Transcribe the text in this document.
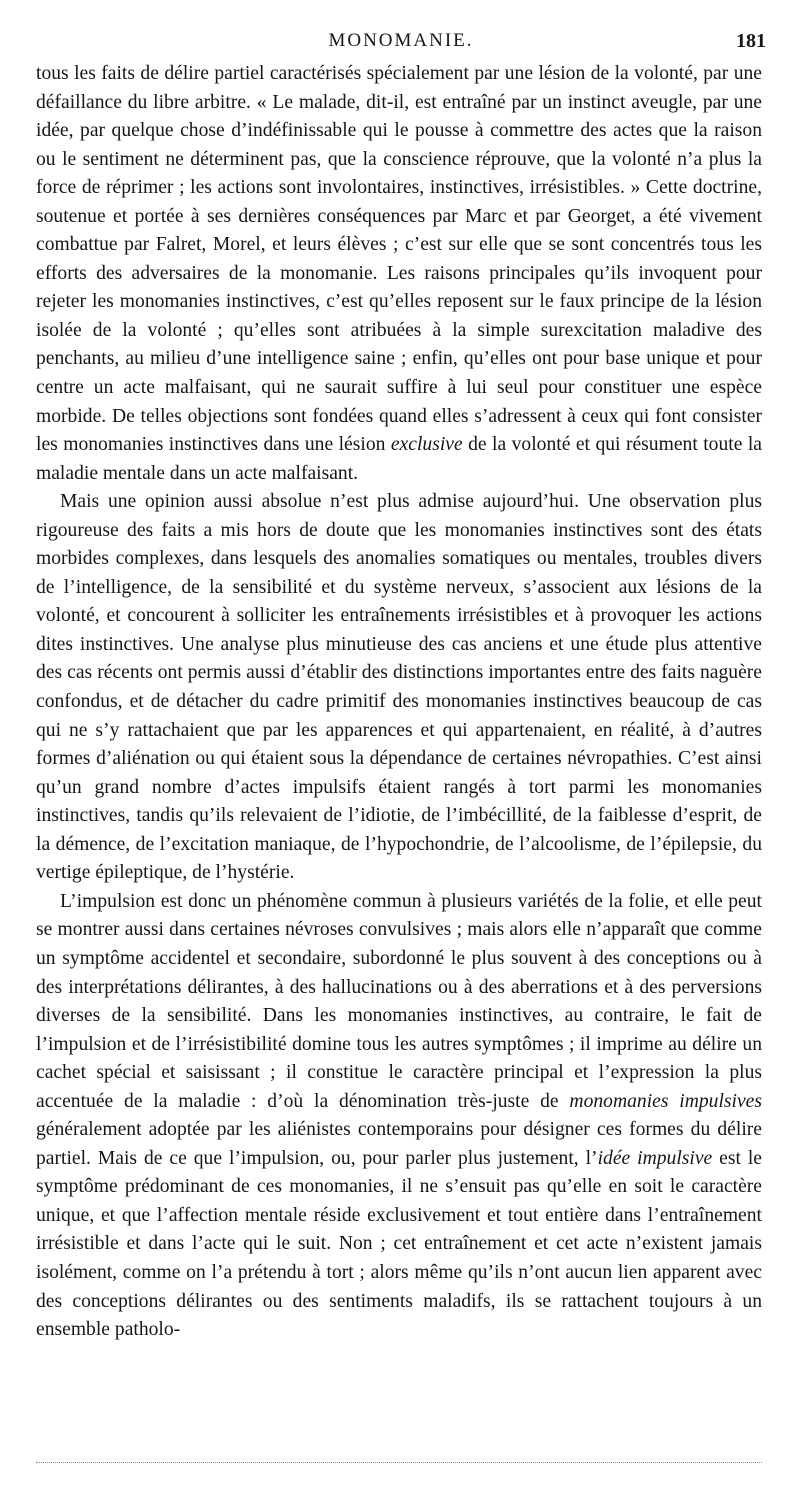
MONOMANIE.	181

tous les faits de délire partiel caractérisés spécialement par une lésion de la volonté, par une défaillance du libre arbitre. « Le malade, dit-il, est entraîné par un instinct aveugle, par une idée, par quelque chose d’indéfinissable qui le pousse à commettre des actes que la raison ou le sentiment ne déterminent pas, que la conscience réprouve, que la volonté n’a plus la force de réprimer ; les actions sont involontaires, instinctives, irrésistibles. » Cette doctrine, soutenue et portée à ses dernières conséquences par Marc et par Georget, a été vivement combattue par Falret, Morel, et leurs élèves ; c’est sur elle que se sont concentrés tous les efforts des adversaires de la monomanie. Les raisons principales qu’ils invoquent pour rejeter les monomanies instinctives, c’est qu’elles reposent sur le faux principe de la lésion isolée de la volonté ; qu’elles sont atribuées à la simple surexcitation maladive des penchants, au milieu d’une intelligence saine ; enfin, qu’elles ont pour base unique et pour centre un acte malfaisant, qui ne saurait suffire à lui seul pour constituer une espèce morbide. De telles objections sont fondées quand elles s’adressent à ceux qui font consister les monomanies instinctives dans une lésion exclusive de la volonté et qui résument toute la maladie mentale dans un acte malfaisant.

Mais une opinion aussi absolue n’est plus admise aujourd’hui. Une observation plus rigoureuse des faits a mis hors de doute que les monomanies instinctives sont des états morbides complexes, dans lesquels des anomalies somatiques ou mentales, troubles divers de l’intelligence, de la sensibilité et du système nerveux, s’associent aux lésions de la volonté, et concourent à solliciter les entraînements irrésistibles et à provoquer les actions dites instinctives. Une analyse plus minutieuse des cas anciens et une étude plus attentive des cas récents ont permis aussi d’établir des distinctions importantes entre des faits naguère confondus, et de détacher du cadre primitif des monomanies instinctives beaucoup de cas qui ne s’y rattachaient que par les apparences et qui appartenaient, en réalité, à d’autres formes d’aliénation ou qui étaient sous la dépendance de certaines névropathies. C’est ainsi qu’un grand nombre d’actes impulsifs étaient rangés à tort parmi les monomanies instinctives, tandis qu’ils relevaient de l’idiotie, de l’imbécillité, de la faiblesse d’esprit, de la démence, de l’excitation maniaque, de l’hypochondrie, de l’alcoolisme, de l’épilepsie, du vertige épileptique, de l’hystérie.

L’impulsion est donc un phénomène commun à plusieurs variétés de la folie, et elle peut se montrer aussi dans certaines névroses convulsives ; mais alors elle n’apparaît que comme un symptôme accidentel et secondaire, subordonné le plus souvent à des conceptions ou à des interprétations délirantes, à des hallucinations ou à des aberrations et à des perversions diverses de la sensibilité. Dans les monomanies instinctives, au contraire, le fait de l’impulsion et de l’irrésistibilité domine tous les autres symptômes ; il imprime au délire un cachet spécial et saisissant ; il constitue le caractère principal et l’expression la plus accentuée de la maladie : d’où la dénomination très-juste de monomanies impulsives généralement adoptée par les aliénistes contemporains pour désigner ces formes du délire partiel. Mais de ce que l’impulsion, ou, pour parler plus justement, l’idée impulsive est le symptôme prédominant de ces monomanies, il ne s’ensuit pas qu’elle en soit le caractère unique, et que l’affection mentale réside exclusivement et tout entière dans l’entraînement irrésistible et dans l’acte qui le suit. Non ; cet entraînement et cet acte n’existent jamais isolément, comme on l’a prétendu à tort ; alors même qu’ils n’ont aucun lien apparent avec des conceptions délirantes ou des sentiments maladifs, ils se rattachent toujours à un ensemble patholo-
